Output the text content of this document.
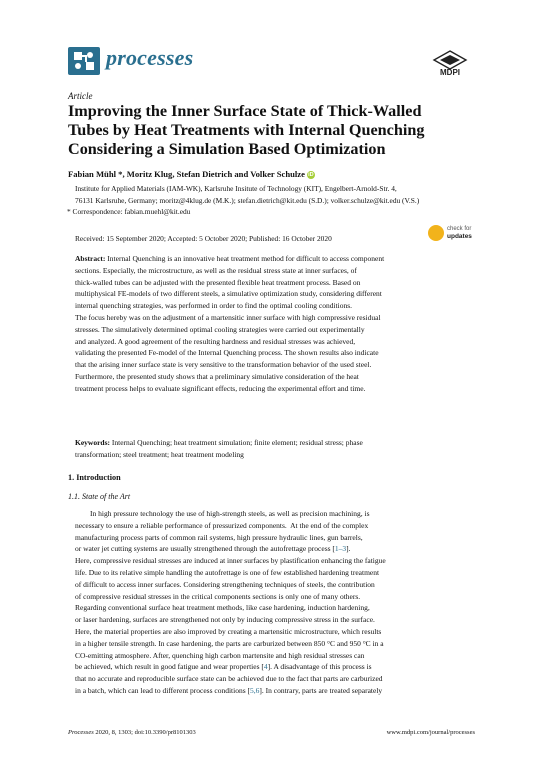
processes
MDPI
Article
Improving the Inner Surface State of Thick-Walled
Tubes by Heat Treatments with Internal Quenching
Considering a Simulation Based Optimization
Fabian Mühl *, Moritz Klug, Stefan Dietrich and Volker Schulze iD
Institute for Applied Materials (IAM-WK), Karlsruhe Insitute of Technology (KIT), Engelbert-Arnold-Str. 4,
76131 Karlsruhe, Germany; moritz@4klug.de (M.K.); stefan.dietrich@kit.edu (S.D.); volker.schulze@kit.edu (V.S.)
* Correspondence: fabian.muehl@kit.edu
Received: 15 September 2020; Accepted: 5 October 2020; Published: 16 October 2020
check for
updates
Abstract: Internal Quenching is an innovative heat treatment method for difficult to access component
sections. Especially, the microstructure, as well as the residual stress state at inner surfaces, of
thick-walled tubes can be adjusted with the presented flexible heat treatment process. Based on
multiphysical FE-models of two different steels, a simulative optimization study, considering different
internal quenching strategies, was performed in order to find the optimal cooling conditions.
The focus hereby was on the adjustment of a martensitic inner surface with high compressive residual
stresses. The simulatively determined optimal cooling strategies were carried out experimentally
and analyzed. A good agreement of the resulting hardness and residual stresses was achieved,
validating the presented Fe-model of the Internal Quenching process. The shown results also indicate
that the arising inner surface state is very sensitive to the transformation behavior of the used steel.
Furthermore, the presented study shows that a preliminary simulative consideration of the heat
treatment process helps to evaluate significant effects, reducing the experimental effort and time.
Keywords: Internal Quenching; heat treatment simulation; finite element; residual stress; phase
transformation; steel treatment; heat treatment modeling
1. Introduction
1.1. State of the Art
In high pressure technology the use of high-strength steels, as well as precision machining, is
necessary to ensure a reliable performance of pressurized components.  At the end of the complex
manufacturing process parts of common rail systems, high pressure hydraulic lines, gun barrels,
or water jet cutting systems are usually strengthened through the autofrettage process [1–3].
Here, compressive residual stresses are induced at inner surfaces by plastification enhancing the fatigue
life. Due to its relative simple handling the autofrettage is one of few established hardening treatment
of difficult to access inner surfaces. Considering strengthening techniques of steels, the contribution
of compressive residual stresses in the critical components sections is only one of many others.
Regarding conventional surface heat treatment methods, like case hardening, induction hardening,
or laser hardening, surfaces are strengthened not only by inducing compressive stress in the surface.
Here, the material properties are also improved by creating a martensitic microstructure, which results
in a higher tensile strength. In case hardening, the parts are carburized between 850 °C and 950 °C in a
CO-emitting atmosphere. After, quenching high carbon martensite and high residual stresses can
be achieved, which result in good fatigue and wear properties [4]. A disadvantage of this process is
that no accurate and reproducible surface state can be achieved due to the fact that parts are carburized
in a batch, which can lead to different process conditions [5,6]. In contrary, parts are treated separately
Processes 2020, 8, 1303; doi:10.3390/pr8101303	www.mdpi.com/journal/processes
